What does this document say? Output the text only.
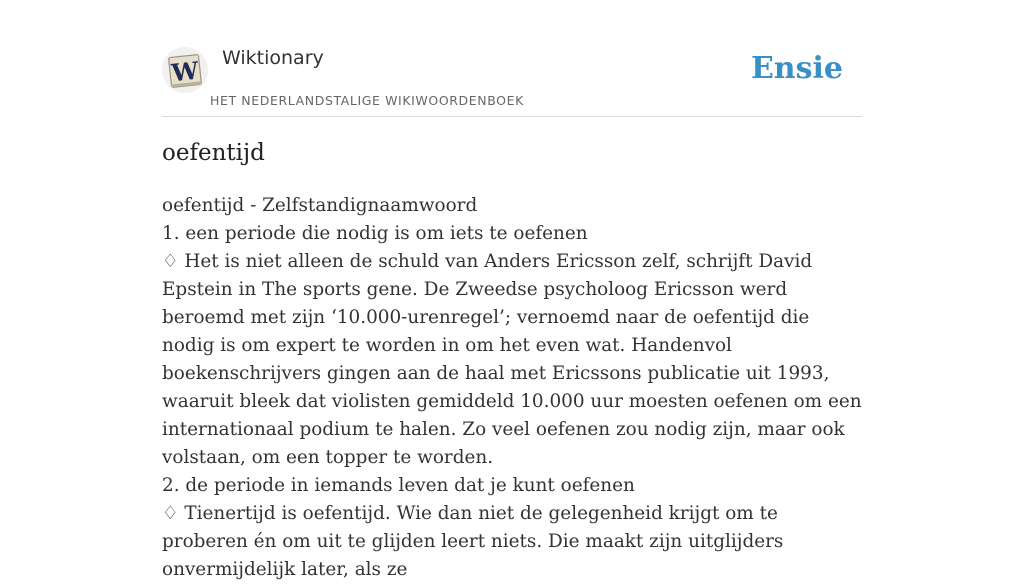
W Wiktionary
HET NEDERLANDSTALIGE WIKIWOORDENBOEK
Ensie
oefentijd

oefentijd - Zelfstandignaamwoord

1. een periode die nodig is om iets te oefenen

♢ Het is niet alleen de schuld van Anders Ericsson zelf, schrijft David Epstein in The sports gene. De Zweedse psycholoog Ericsson werd beroemd met zijn ‘10.000-urenregel’; vernoemd naar de oefentijd die nodig is om expert te worden in om het even wat. Handenvol boekenschrijvers gingen aan de haal met Ericssons publicatie uit 1993, waaruit bleek dat violisten gemiddeld 10.000 uur moesten oefenen om een internationaal podium te halen. Zo veel oefenen zou nodig zijn, maar ook volstaan, om een topper te worden.

2. de periode in iemands leven dat je kunt oefenen

♢ Tienertijd is oefentijd. Wie dan niet de gelegenheid krijgt om te proberen én om uit te glijden leert niets. Die maakt zijn uitglijders onvermijdelijk later, als ze
